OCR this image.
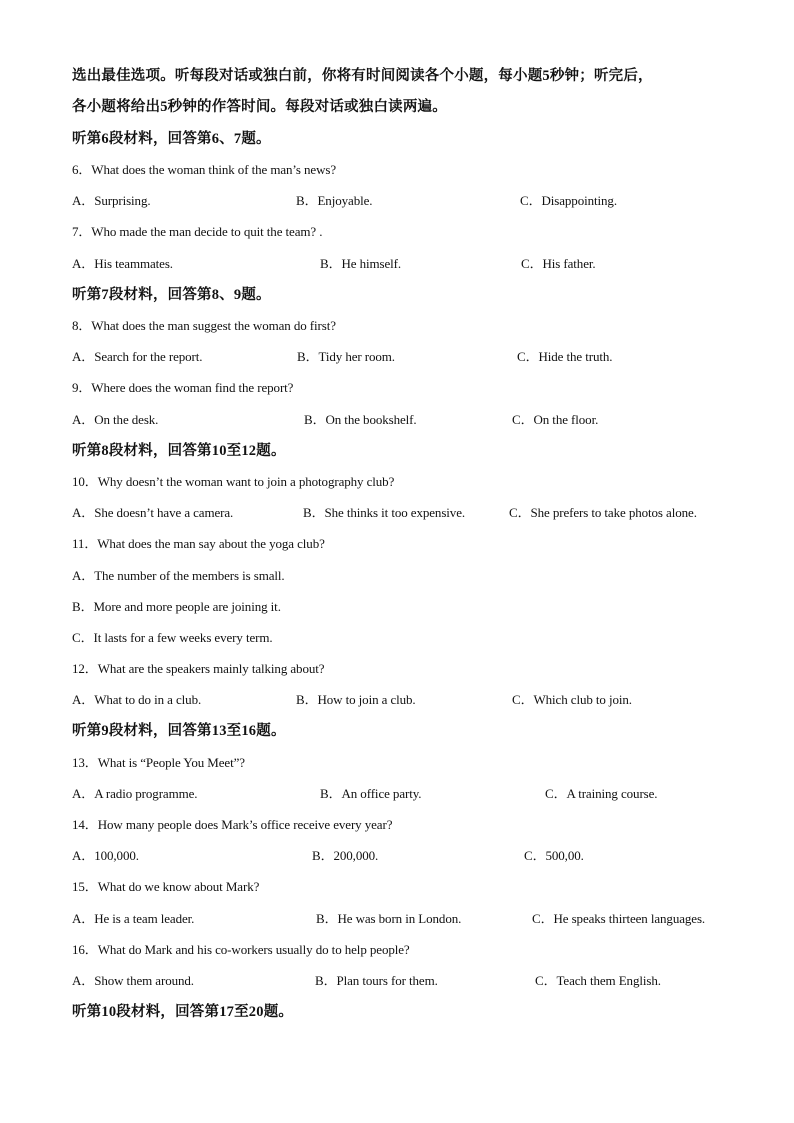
选出最佳选项。听每段对话或独白前，你将有时间阅读各个小题，每小题5秒钟；听完后，
各小题将给出5秒钟的作答时间。每段对话或独白读两遍。
听第6段材料，回答第6、7题。
6．What does the woman think of the man’s news?
A．Surprising.	B．Enjoyable.	C．Disappointing.
7．Who made the man decide to quit the team? .
A．His teammates.	B．He himself.	C．His father.
听第7段材料，回答第8、9题。
8．What does the man suggest the woman do first?
A．Search for the report.	B．Tidy her room.	C．Hide the truth.
9．Where does the woman find the report?
A．On the desk.	B．On the bookshelf.	C．On the floor.
听第8段材料，回答第10至12题。
10．Why doesn’t the woman want to join a photography club?
A．She doesn’t have a camera.	B．She thinks it too expensive.	C．She prefers to take photos alone.
11．What does the man say about the yoga club?
A．The number of the members is small.
B．More and more people are joining it.
C．It lasts for a few weeks every term.
12．What are the speakers mainly talking about?
A．What to do in a club.	B．How to join a club.	C．Which club to join.
听第9段材料，回答第13至16题。
13．What is “People You Meet”?
A．A radio programme.	B．An office party.	C．A training course.
14．How many people does Mark’s office receive every year?
A．100,000.	B．200,000.	C．500,00.
15．What do we know about Mark?
A．He is a team leader.	B．He was born in London.	C．He speaks thirteen languages.
16．What do Mark and his co-workers usually do to help people?
A．Show them around.	B．Plan tours for them.	C．Teach them English.
听第10段材料，回答第17至20题。
